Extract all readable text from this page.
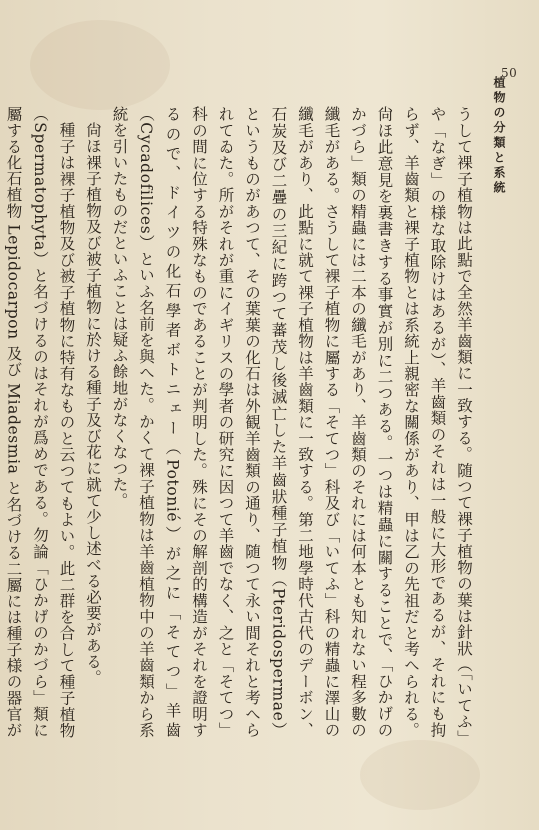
50
植物の分類と系統

うして裸子植物は此點で全然羊齒類に一致する。随つて裸子植物の葉は針狀（「いてふ」や「なぎ」の様な取除けはあるが）、羊齒類のそれは一般に大形であるが、それにも拘らず、羊齒類と裸子植物とは系統上親密な關係があり、甲は乙の先祖だと考へられる。尙ほ此意見を裏書きする事實が別に二つある。一つは精蟲に關することで、「ひかげのかづら」類の精蟲には二本の纖毛があり、羊齒類のそれには何本とも知れない程多數の纖毛がある。さうして裸子植物に屬する「そてつ」科及び「いてふ」科の精蟲に澤山の纖毛があり、此點に就て裸子植物は羊齒類に一致する。第二地學時代古代のデーボン、石炭及び二疊の三紀に跨つて蕃茂し後滅亡した羊齒狀種子植物（Pteridospermae）というものがあつて、その葉葉の化石は外観羊齒類の通り、随つて永い間それと考へられてゐた。所がそれが重にイギリスの學者の研究に因つて羊齒でなく、之と「そてつ」科の間に位する特殊なものであることが判明した。殊にその解剖的構造がそれを證明するので、ドイツの化石學者ボトニェー（Potonié）が之に「そてつ」羊齒（Cycadofilices）といふ名前を與へた。かくて裸子植物は羊齒植物中の羊齒類から系統を引いたものだといふことは疑ふ餘地がなくなつた。

尙ほ裸子植物及び被子植物に於ける種子及び花に就て少し述べる必要がある。

種子は裸子植物及び被子植物に特有なものと云つてもよい。此二群を合して種子植物（Spermatophyta）と名づけるのはそれが爲めである。勿論「ひかげのかづら」類に屬する化石植物 Lepidocarpon 及び Miadesmia と名づける二屬には種子様の器官が
